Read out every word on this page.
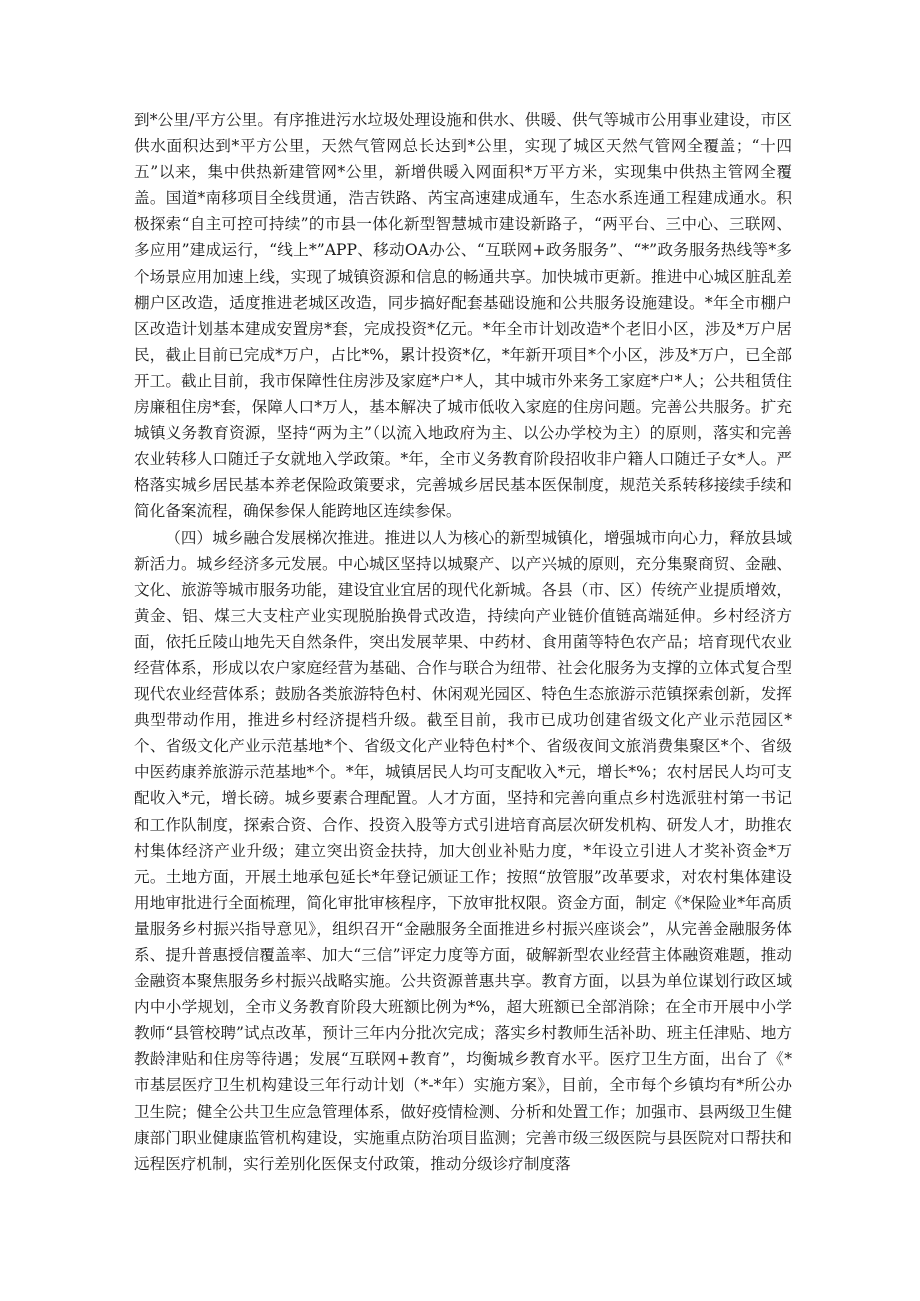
到*公里/平方公里。有序推进污水垃圾处理设施和供水、供暖、供气等城市公用事业建设，市区供水面积达到*平方公里，天然气管网总长达到*公里，实现了城区天然气管网全覆盖；“十四五”以来，集中供热新建管网*公里，新增供暖入网面积*万平方米，实现集中供热主管网全覆盖。国道*南移项目全线贯通，浩吉铁路、芮宝高速建成通车，生态水系连通工程建成通水。积极探索“自主可控可持续”的市县一体化新型智慧城市建设新路子，“两平台、三中心、三联网、多应用”建成运行，“线上*”APP、移动OA办公、“互联网+政务服务”、“*”政务服务热线等*多个场景应用加速上线，实现了城镇资源和信息的畅通共享。加快城市更新。推进中心城区脏乱差棚户区改造，适度推进老城区改造，同步搞好配套基础设施和公共服务设施建设。*年全市棚户区改造计划基本建成安置房*套，完成投资*亿元。*年全市计划改造*个老旧小区，涉及*万户居民，截止目前已完成*万户，占比*%，累计投资*亿，*年新开项目*个小区，涉及*万户，已全部开工。截止目前，我市保障性住房涉及家庭*户*人，其中城市外来务工家庭*户*人；公共租赁住房廉租住房*套，保障人口*万人，基本解决了城市低收入家庭的住房问题。完善公共服务。扩充城镇义务教育资源，坚持“两为主”（以流入地政府为主、以公办学校为主）的原则，落实和完善农业转移人口随迁子女就地入学政策。*年，全市义务教育阶段招收非户籍人口随迁子女*人。严格落实城乡居民基本养老保险政策要求，完善城乡居民基本医保制度，规范关系转移接续手续和简化备案流程，确保参保人能跨地区连续参保。

（四）城乡融合发展梯次推进。推进以人为核心的新型城镇化，增强城市向心力，释放县域新活力。城乡经济多元发展。中心城区坚持以城聚产、以产兴城的原则，充分集聚商贸、金融、文化、旅游等城市服务功能，建设宜业宜居的现代化新城。各县（市、区）传统产业提质增效，黄金、铝、煤三大支柱产业实现脱胎换骨式改造，持续向产业链价值链高端延伸。乡村经济方面，依托丘陵山地先天自然条件，突出发展苹果、中药材、食用菌等特色农产品；培育现代农业经营体系，形成以农户家庭经营为基础、合作与联合为纽带、社会化服务为支撑的立体式复合型现代农业经营体系；鼓励各类旅游特色村、休闲观光园区、特色生态旅游示范镇探索创新，发挥典型带动作用，推进乡村经济提档升级。截至目前，我市已成功创建省级文化产业示范园区*个、省级文化产业示范基地*个、省级文化产业特色村*个、省级夜间文旅消费集聚区*个、省级中医药康养旅游示范基地*个。*年，城镇居民人均可支配收入*元，增长*%；农村居民人均可支配收入*元，增长磅。城乡要素合理配置。人才方面，坚持和完善向重点乡村选派驻村第一书记和工作队制度，探索合资、合作、投资入股等方式引进培育高层次研发机构、研发人才，助推农村集体经济产业升级；建立突出资金扶持，加大创业补贴力度，*年设立引进人才奖补资金*万元。土地方面，开展土地承包延长*年登记颁证工作；按照“放管服”改革要求，对农村集体建设用地审批进行全面梳理，简化审批审核程序，下放审批权限。资金方面，制定《*保险业*年高质量服务乡村振兴指导意见》，组织召开“金融服务全面推进乡村振兴座谈会”，从完善金融服务体系、提升普惠授信覆盖率、加大“三信”评定力度等方面，破解新型农业经营主体融资难题，推动金融资本聚焦服务乡村振兴战略实施。公共资源普惠共享。教育方面，以县为单位谋划行政区域内中小学规划，全市义务教育阶段大班额比例为*%，超大班额已全部消除；在全市开展中小学教师“县管校聘”试点改革，预计三年内分批次完成；落实乡村教师生活补助、班主任津贴、地方教龄津贴和住房等待遇；发展“互联网+教育”，均衡城乡教育水平。医疗卫生方面，出台了《*市基层医疗卫生机构建设三年行动计划（*-*年）实施方案》，目前，全市每个乡镇均有*所公办卫生院；健全公共卫生应急管理体系，做好疫情检测、分析和处置工作；加强市、县两级卫生健康部门职业健康监管机构建设，实施重点防治项目监测；完善市级三级医院与县医院对口帮扶和远程医疗机制，实行差别化医保支付政策，推动分级诊疗制度落
